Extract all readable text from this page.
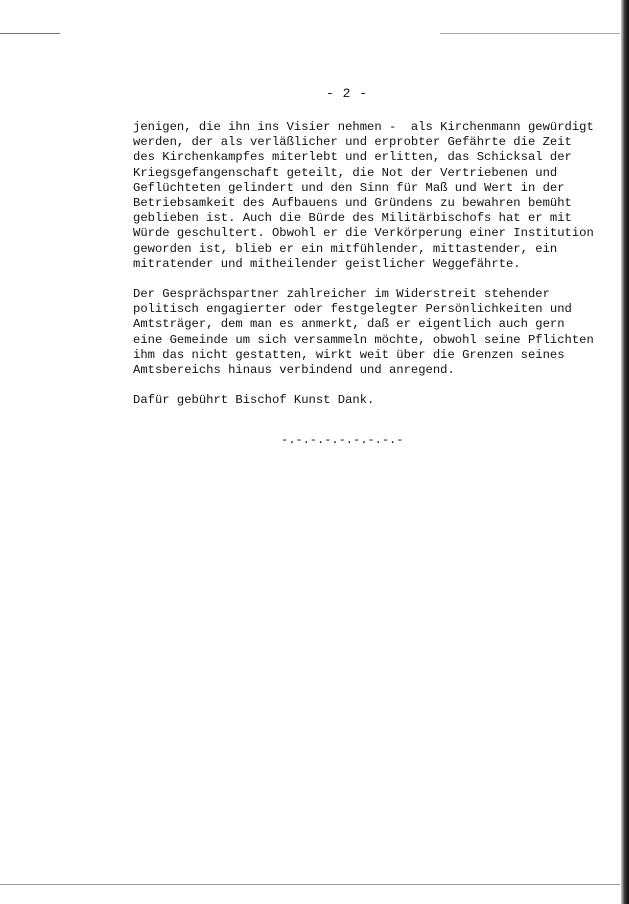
- 2 -
jenigen, die ihn ins Visier nehmen -  als Kirchenmann gewürdigt
werden, der als verläßlicher und erprobter Gefährte die Zeit
des Kirchenkampfes miterlebt und erlitten, das Schicksal der
Kriegsgefangenschaft geteilt, die Not der Vertriebenen und
Geflüchteten gelindert und den Sinn für Maß und Wert in der
Betriebsamkeit des Aufbauens und Gründens zu bewahren bemüht
geblieben ist. Auch die Bürde des Militärbischofs hat er mit
Würde geschultert. Obwohl er die Verkörperung einer Institution
geworden ist, blieb er ein mitfühlender, mittastender, ein
mitratender und mitheilender geistlicher Weggefährte.
Der Gesprächspartner zahlreicher im Widerstreit stehender
politisch engagierter oder festgelegter Persönlichkeiten und
Amtsträger, dem man es anmerkt, daß er eigentlich auch gern
eine Gemeinde um sich versammeln möchte, obwohl seine Pflichten
ihm das nicht gestatten, wirkt weit über die Grenzen seines
Amtsbereichs hinaus verbindend und anregend.
Dafür gebührt Bischof Kunst Dank.
-.-.-.-.-.-.-.-.-
